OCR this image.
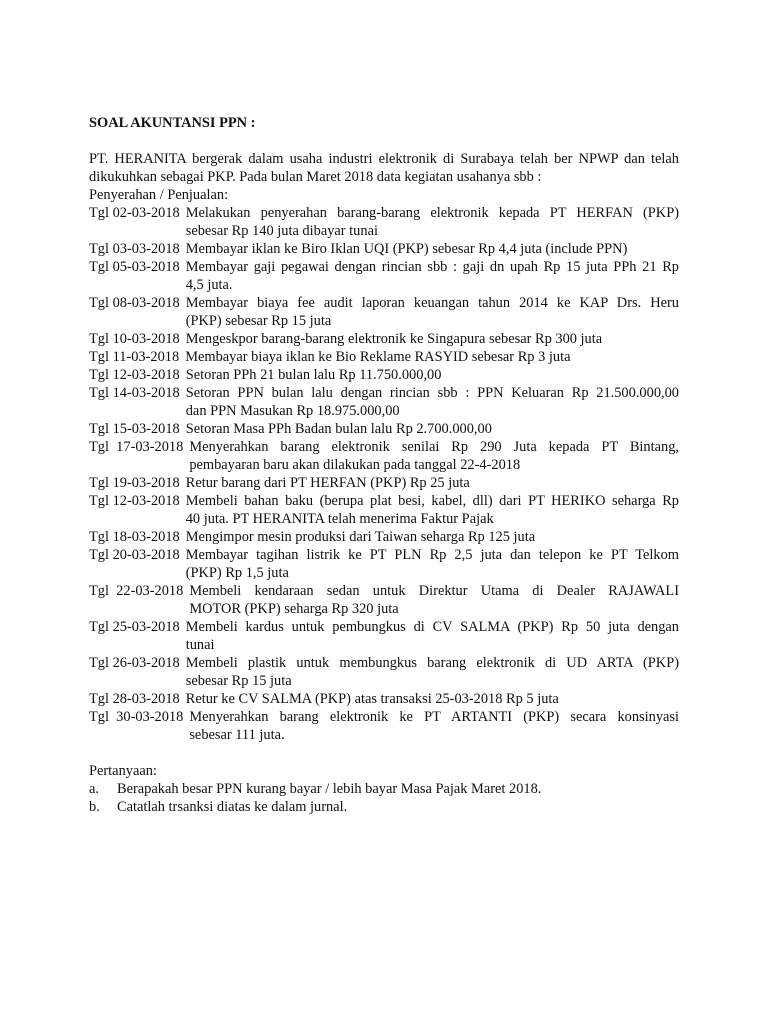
SOAL AKUNTANSI PPN :
PT. HERANITA bergerak dalam usaha industri elektronik di Surabaya telah ber NPWP dan telah
dikukuhkan sebagai PKP. Pada bulan Maret 2018 data kegiatan usahanya sbb :
Penyerahan / Penjualan:
Tgl 02-03-2018 Melakukan penyerahan barang-barang elektronik kepada PT HERFAN (PKP)
sebesar Rp 140 juta dibayar tunai
Tgl 03-03-2018 Membayar iklan ke Biro Iklan UQI (PKP) sebesar Rp 4,4 juta (include PPN)
Tgl 05-03-2018 Membayar gaji pegawai dengan rincian sbb : gaji dn upah Rp 15 juta PPh 21 Rp
4,5 juta.
Tgl 08-03-2018 Membayar biaya fee audit laporan keuangan tahun 2014 ke KAP Drs. Heru
(PKP) sebesar Rp 15 juta
Tgl 10-03-2018 Mengeskpor barang-barang elektronik ke Singapura sebesar Rp 300 juta
Tgl 11-03-2018 Membayar biaya iklan ke Bio Reklame RASYID sebesar Rp 3 juta
Tgl 12-03-2018 Setoran PPh 21 bulan lalu Rp 11.750.000,00
Tgl 14-03-2018 Setoran PPN bulan lalu dengan rincian sbb : PPN Keluaran Rp 21.500.000,00
dan PPN Masukan Rp 18.975.000,00
Tgl 15-03-2018 Setoran Masa PPh Badan bulan lalu Rp 2.700.000,00
Tgl  17-03-2018 Menyerahkan barang elektronik senilai Rp 290 Juta kepada PT Bintang,
pembayaran baru akan dilakukan pada tanggal 22-4-2018
Tgl 19-03-2018 Retur barang dari PT HERFAN (PKP) Rp 25 juta
Tgl 12-03-2018 Membeli bahan baku (berupa plat besi, kabel, dll) dari PT HERIKO seharga Rp
40 juta. PT HERANITA telah menerima Faktur Pajak
Tgl 18-03-2018 Mengimpor mesin produksi dari Taiwan seharga Rp 125 juta
Tgl 20-03-2018 Membayar tagihan listrik ke PT PLN Rp 2,5 juta dan telepon ke PT Telkom
(PKP) Rp 1,5 juta
Tgl  22-03-2018 Membeli kendaraan sedan untuk Direktur Utama di Dealer RAJAWALI
MOTOR (PKP) seharga Rp 320 juta
Tgl 25-03-2018 Membeli kardus untuk pembungkus di CV SALMA (PKP) Rp 50 juta dengan
tunai
Tgl 26-03-2018 Membeli plastik untuk membungkus barang elektronik di UD ARTA (PKP)
sebesar Rp 15 juta
Tgl 28-03-2018 Retur ke CV SALMA (PKP) atas transaksi 25-03-2018 Rp 5 juta
Tgl  30-03-2018 Menyerahkan barang elektronik ke PT ARTANTI (PKP) secara konsinyasi
sebesar 111 juta.
Pertanyaan:
a.	Berapakah besar PPN kurang bayar / lebih bayar Masa Pajak Maret 2018.
b.	Catatlah trsanksi diatas ke dalam jurnal.
